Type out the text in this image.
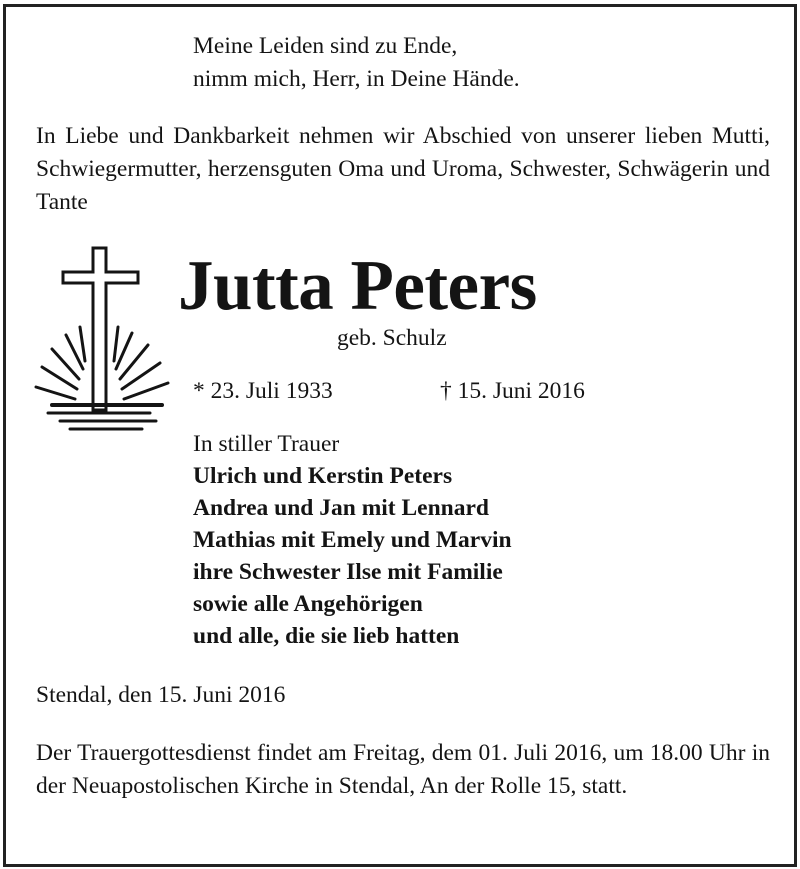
Meine Leiden sind zu Ende,
nimm mich, Herr, in Deine Hände.

In Liebe und Dankbarkeit nehmen wir Abschied von unserer lieben Mutti, Schwiegermutter, herzensguten Oma und Uroma, Schwester, Schwägerin und Tante

Jutta Peters
geb. Schulz
* 23. Juli 1933	† 15. Juni 2016
In stiller Trauer
Ulrich und Kerstin Peters
Andrea und Jan mit Lennard
Mathias mit Emely und Marvin
ihre Schwester Ilse mit Familie
sowie alle Angehörigen
und alle, die sie lieb hatten
Stendal, den 15. Juni 2016

Der Trauergottesdienst findet am Freitag, dem 01. Juli 2016, um 18.00 Uhr in der Neuapostolischen Kirche in Stendal, An der Rolle 15, statt.
